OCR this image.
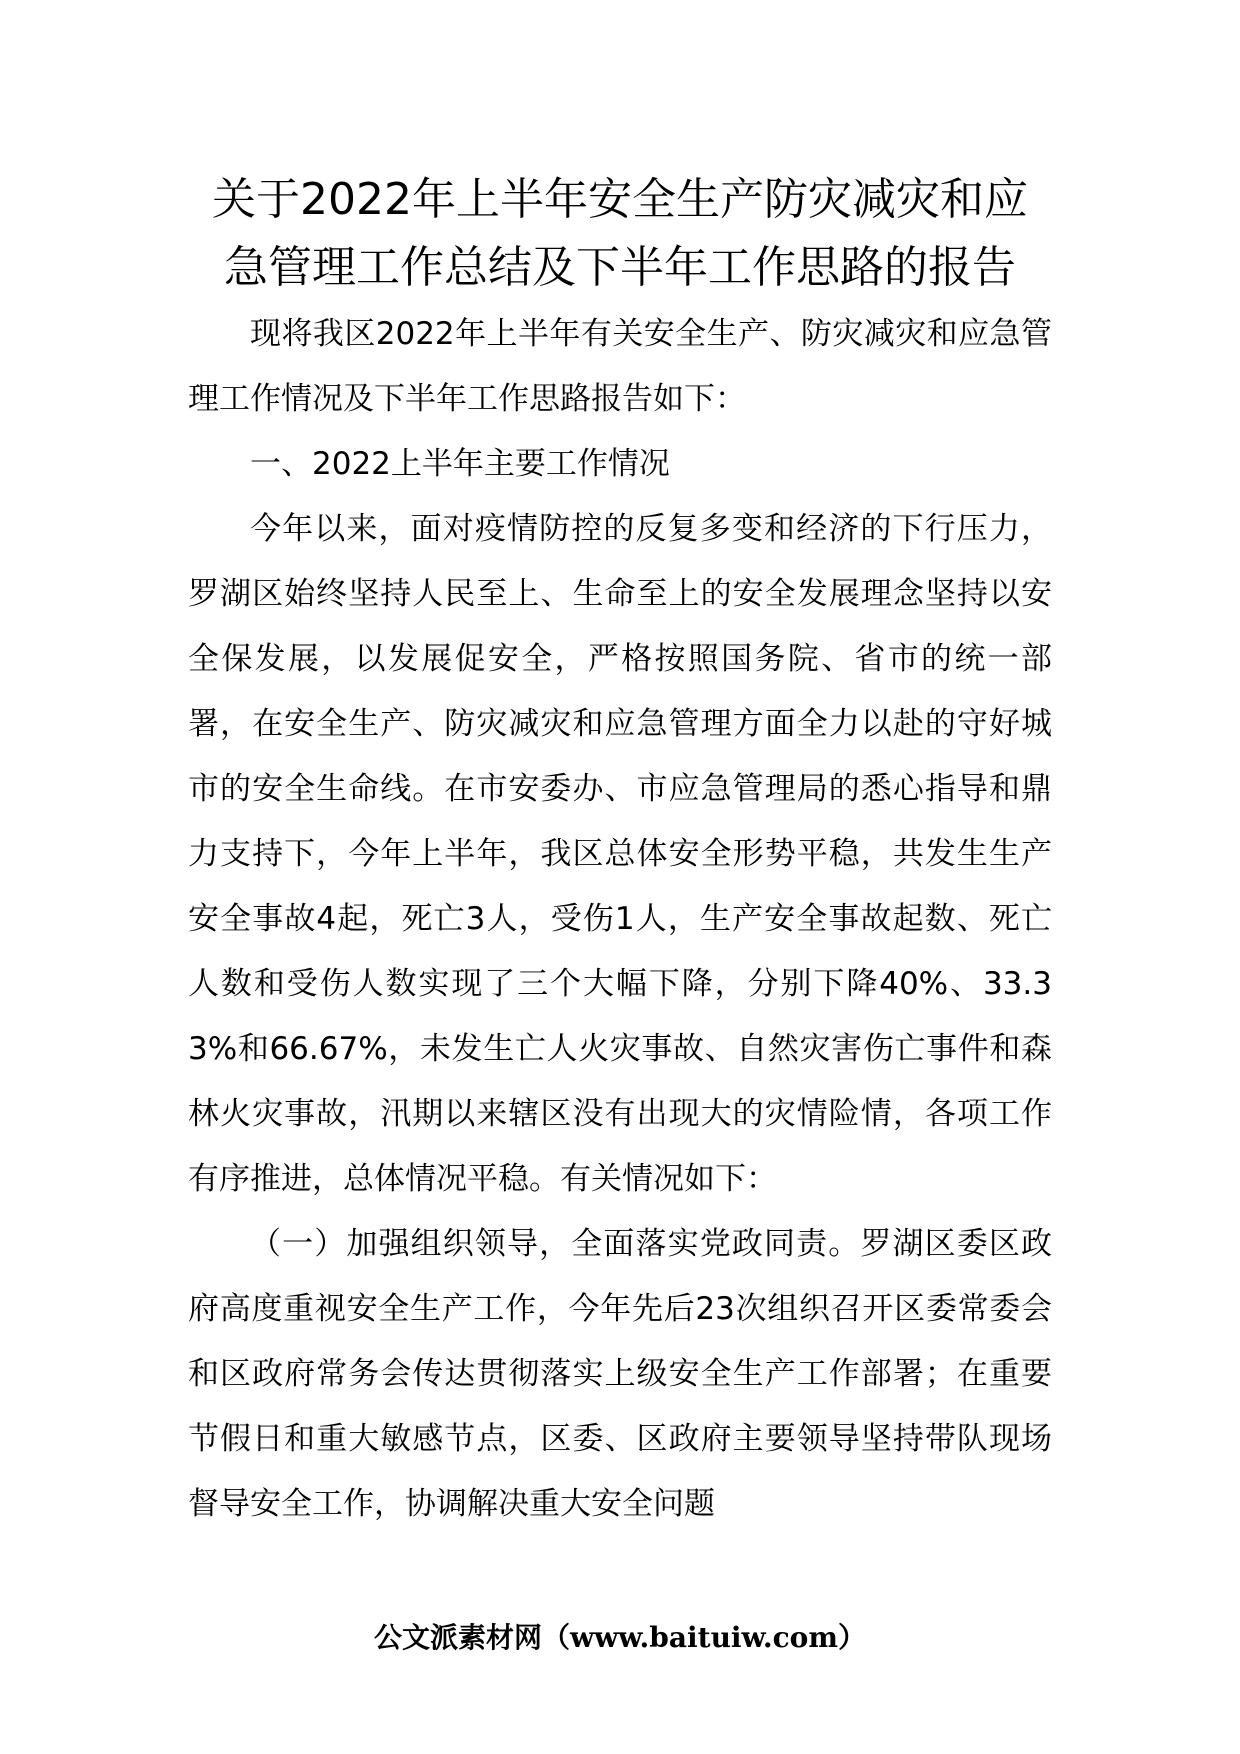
关于2022年上半年安全生产防灾减灾和应
急管理工作总结及下半年工作思路的报告

现将我区2022年上半年有关安全生产、防灾减灾和应急管理工作情况及下半年工作思路报告如下：

一、2022上半年主要工作情况

今年以来，面对疫情防控的反复多变和经济的下行压力，罗湖区始终坚持人民至上、生命至上的安全发展理念坚持以安全保发展，以发展促安全，严格按照国务院、省市的统一部署，在安全生产、防灾减灾和应急管理方面全力以赴的守好城市的安全生命线。在市安委办、市应急管理局的悉心指导和鼎力支持下，今年上半年，我区总体安全形势平稳，共发生生产安全事故4起，死亡3人，受伤1人，生产安全事故起数、死亡人数和受伤人数实现了三个大幅下降，分别下降40%、33.33%和66.67%，未发生亡人火灾事故、自然灾害伤亡事件和森林火灾事故，汛期以来辖区没有出现大的灾情险情，各项工作有序推进，总体情况平稳。有关情况如下：

（一）加强组织领导，全面落实党政同责。罗湖区委区政府高度重视安全生产工作，今年先后23次组织召开区委常委会和区政府常务会传达贯彻落实上级安全生产工作部署；在重要节假日和重大敏感节点，区委、区政府主要领导坚持带队现场督导安全工作，协调解决重大安全问题

公文派素材网（www.baituiw.com）
